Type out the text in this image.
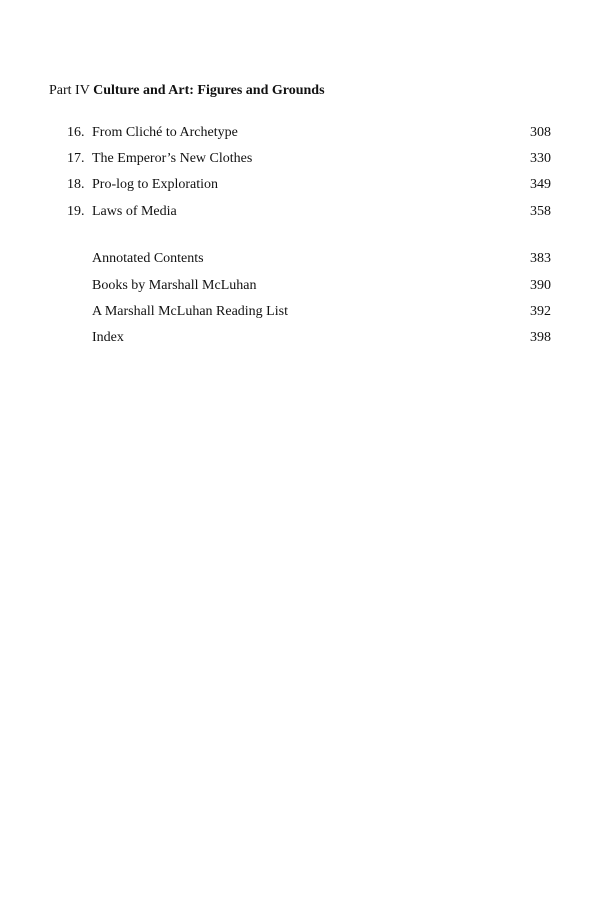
Part IV Culture and Art: Figures and Grounds
16. From Cliché to Archetype	308
17. The Emperor’s New Clothes	330
18. Pro-log to Exploration	349
19. Laws of Media	358
Annotated Contents	383
Books by Marshall McLuhan	390
A Marshall McLuhan Reading List	392
Index	398
